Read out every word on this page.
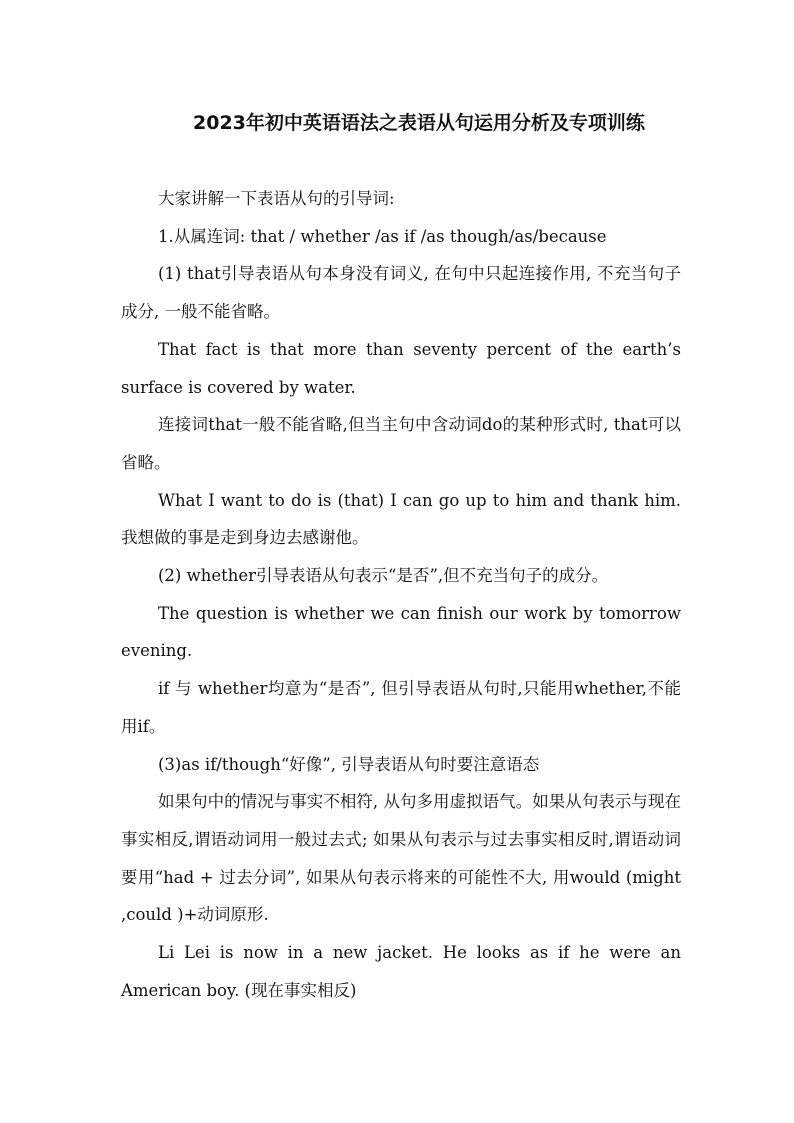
2023年初中英语语法之表语从句运用分析及专项训练

大家讲解一下表语从句的引导词:

1.从属连词: that / whether /as if /as though/as/because

(1) that引导表语从句本身没有词义, 在句中只起连接作用, 不充当句子成分, 一般不能省略。

That fact is that more than seventy percent of the earth’s surface is covered by water.

连接词that一般不能省略,但当主句中含动词do的某种形式时, that可以省略。

What I want to do is (that) I can go up to him and thank him. 我想做的事是走到身边去感谢他。

(2) whether引导表语从句表示“是否”,但不充当句子的成分。

The question is whether we can finish our work by tomorrow evening.

if 与 whether均意为“是否”, 但引导表语从句时,只能用whether,不能用if。

(3)as if/though“好像”, 引导表语从句时要注意语态

如果句中的情况与事实不相符, 从句多用虚拟语气。如果从句表示与现在事实相反,谓语动词用一般过去式; 如果从句表示与过去事实相反时,谓语动词要用“had + 过去分词”, 如果从句表示将来的可能性不大, 用would (might ,could )+动词原形.

Li Lei is now in a new jacket. He looks as if he were an American boy. (现在事实相反)
